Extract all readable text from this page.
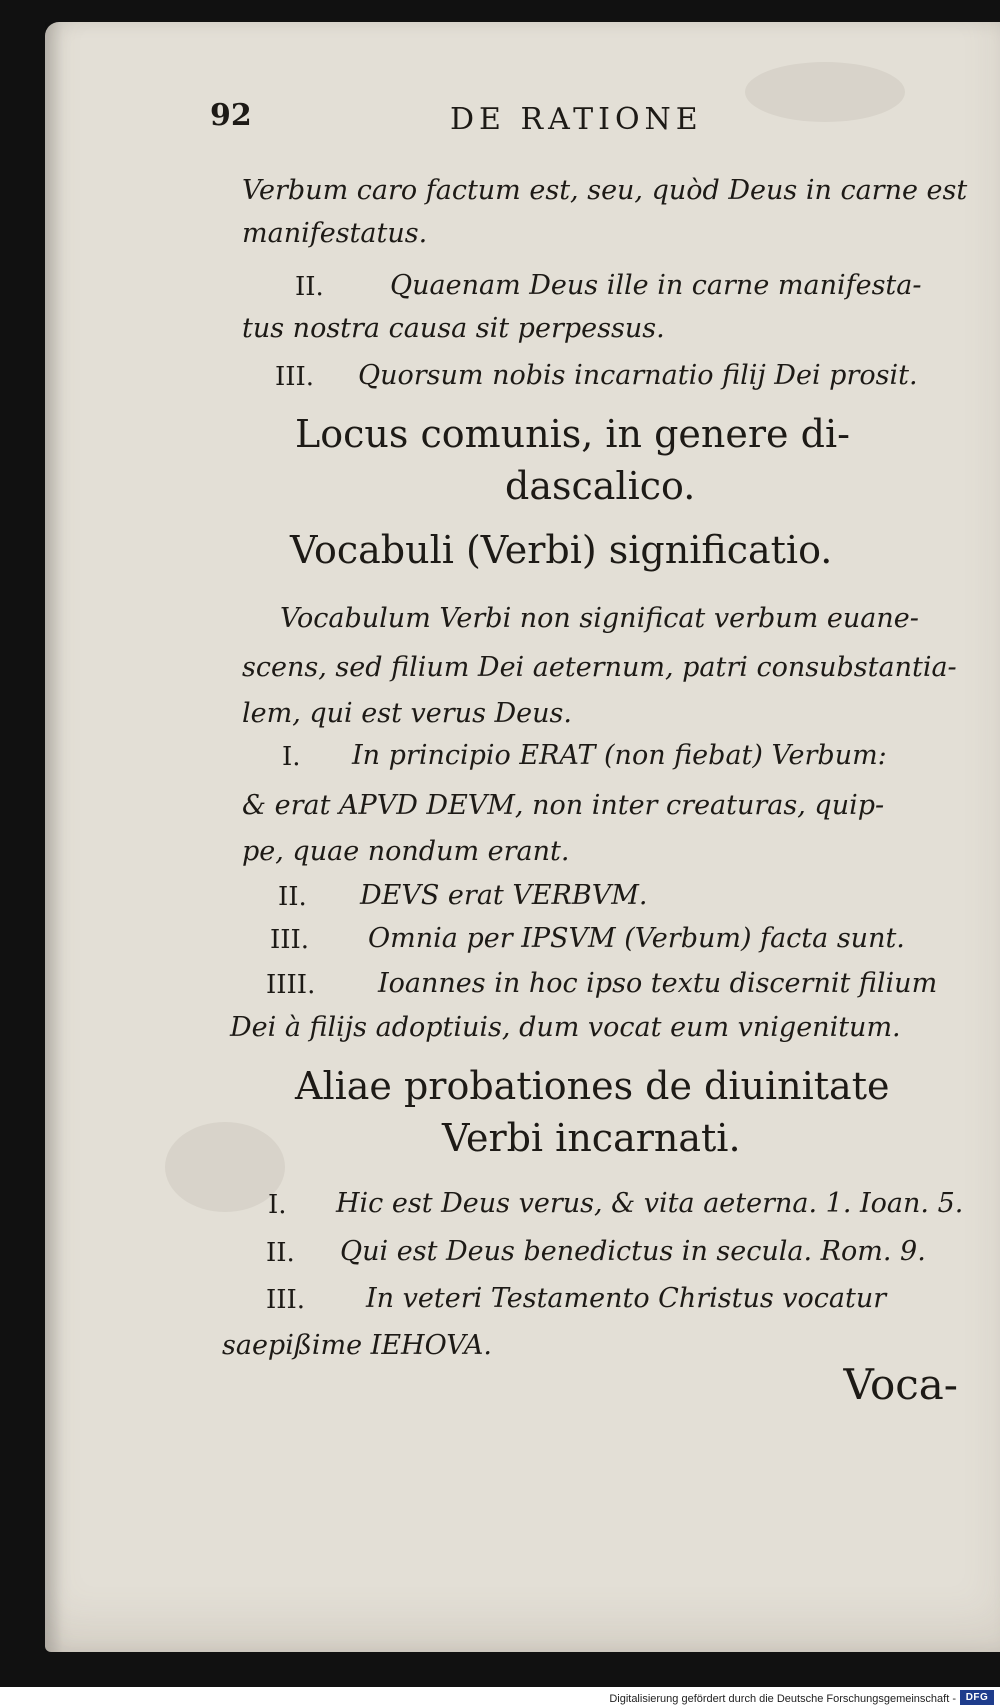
92	DE RATIONE
Verbum caro factum est, seu, quòd Deus in carne est
manifestatus.
II. Quaenam Deus ille in carne manifesta-
tus nostra causa sit perpessus.
III. Quorsum nobis incarnatio filij Dei prosit.
Locus comunis, in genere di-
dascalico.
Vocabuli (Verbi) significatio.
Vocabulum Verbi non significat verbum euane-
scens, sed filium Dei aeternum, patri consubstantia-
lem, qui est verus Deus.
I. In principio ERAT (non fiebat) Verbum:
& erat APVD DEVM, non inter creaturas, quip-
pe, quae nondum erant.
II. DEVS erat VERBVM.
III. Omnia per IPSVM (Verbum) facta sunt.
IIII. Ioannes in hoc ipso textu discernit filium
Dei à filijs adoptiuis, dum vocat eum vnigenitum.
Aliae probationes de diuinitate
Verbi incarnati.
I. Hic est Deus verus, & vita aeterna. 1. Ioan. 5.
II. Qui est Deus benedictus in secula. Rom. 9.
III. In veteri Testamento Christus vocatur
saepißime IEHOVA.
Voca-
Digitalisierung gefördert durch die Deutsche Forschungsgemeinschaft - DFG
